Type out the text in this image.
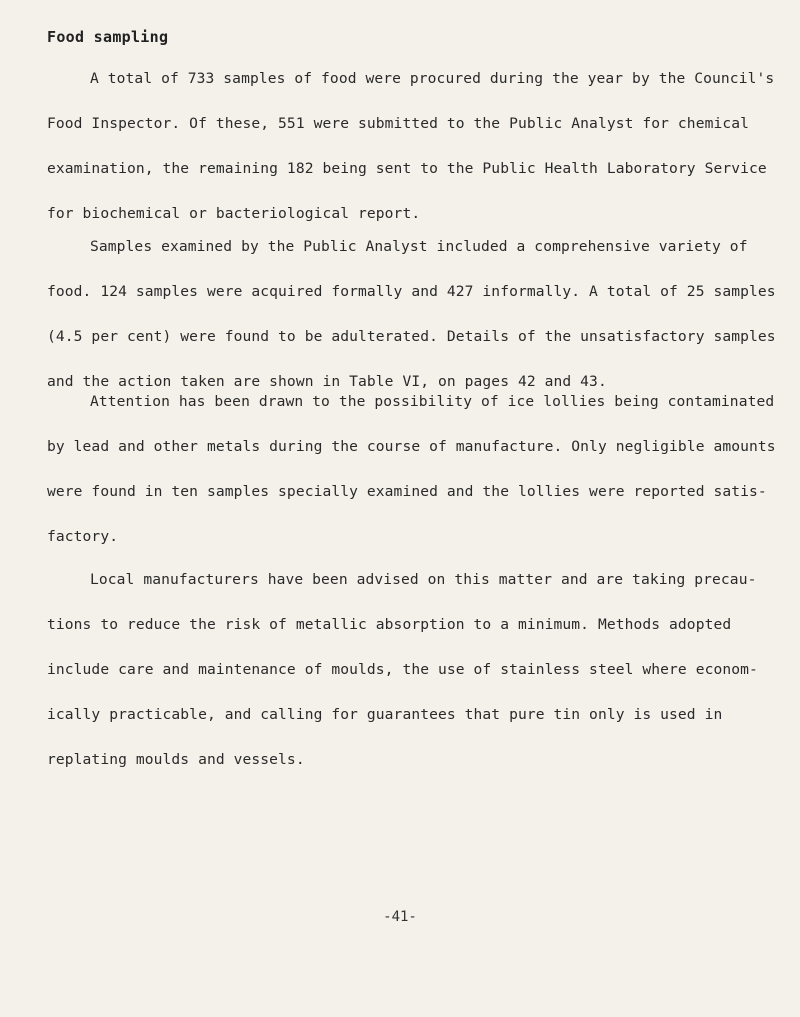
Food sampling
A total of 733 samples of food were procured during the year by the Council's
Food Inspector. Of these, 551 were submitted to the Public Analyst for chemical
examination, the remaining 182 being sent to the Public Health Laboratory Service
for biochemical or bacteriological report.
Samples examined by the Public Analyst included a comprehensive variety of
food. 124 samples were acquired formally and 427 informally. A total of 25 samples
(4.5 per cent) were found to be adulterated. Details of the unsatisfactory samples
and the action taken are shown in Table VI, on pages 42 and 43.
Attention has been drawn to the possibility of ice lollies being contaminated
by lead and other metals during the course of manufacture. Only negligible amounts
were found in ten samples specially examined and the lollies were reported satis-
factory.
Local manufacturers have been advised on this matter and are taking precau-
tions to reduce the risk of metallic absorption to a minimum. Methods adopted
include care and maintenance of moulds, the use of stainless steel where econom-
ically practicable, and calling for guarantees that pure tin only is used in
replating moulds and vessels.
-41-
